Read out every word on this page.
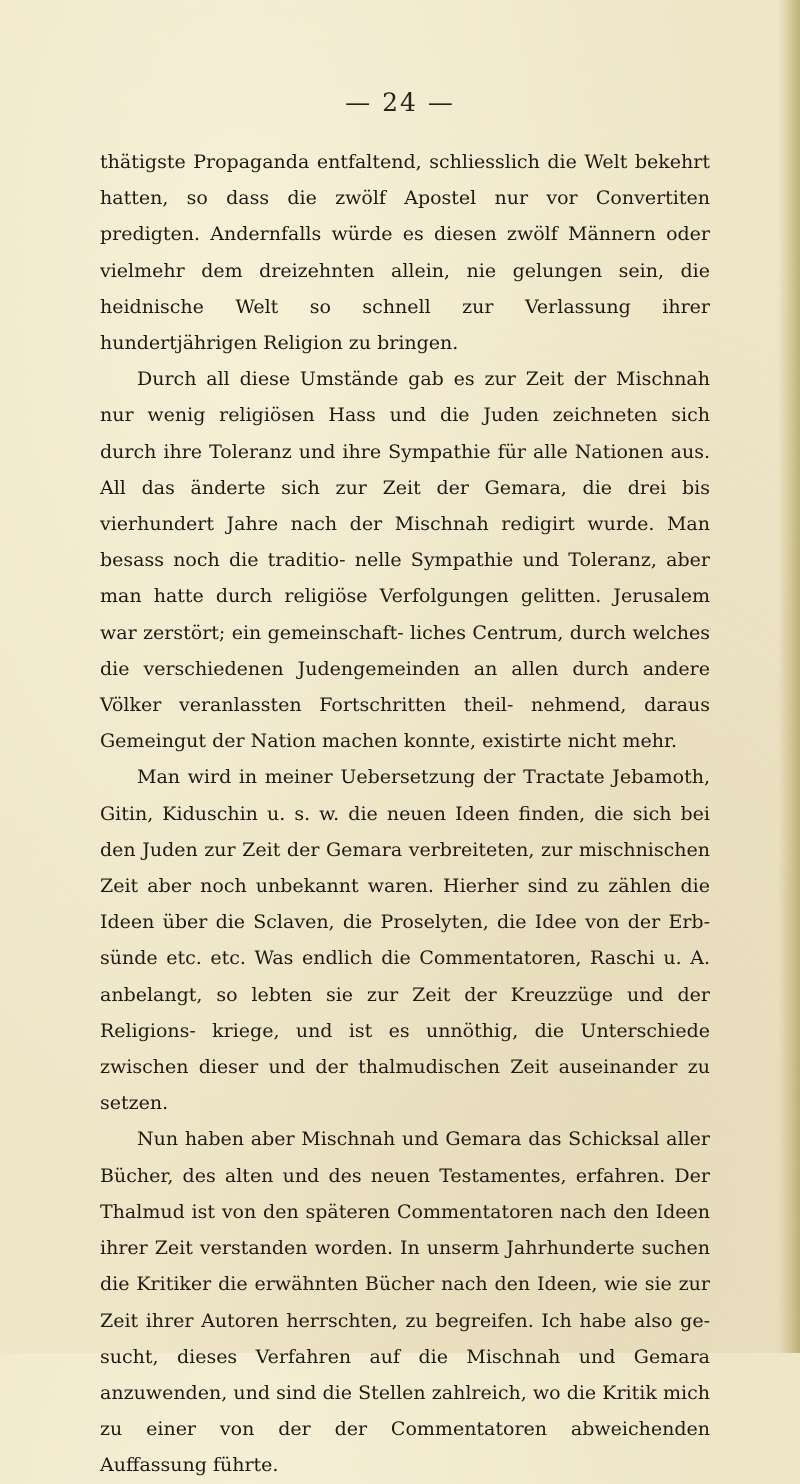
— 24 —

thätigste Propaganda entfaltend, schliesslich die Welt bekehrt hatten, so dass die zwölf Apostel nur vor Convertiten predigten. Andernfalls würde es diesen zwölf Männern oder vielmehr dem dreizehnten allein, nie gelungen sein, die heidnische Welt so schnell zur Verlassung ihrer hundertjährigen Religion zu bringen.

Durch all diese Umstände gab es zur Zeit der Mischnah nur wenig religiösen Hass und die Juden zeichneten sich durch ihre Toleranz und ihre Sympathie für alle Nationen aus. All das änderte sich zur Zeit der Gemara, die drei bis vierhundert Jahre nach der Mischnah redigirt wurde. Man besass noch die traditio- nelle Sympathie und Toleranz, aber man hatte durch religiöse Verfolgungen gelitten. Jerusalem war zerstört; ein gemeinschaft- liches Centrum, durch welches die verschiedenen Judengemeinden an allen durch andere Völker veranlassten Fortschritten theil- nehmend, daraus Gemeingut der Nation machen konnte, existirte nicht mehr.

Man wird in meiner Uebersetzung der Tractate Jebamoth, Gitin, Kiduschin u. s. w. die neuen Ideen finden, die sich bei den Juden zur Zeit der Gemara verbreiteten, zur mischnischen Zeit aber noch unbekannt waren. Hierher sind zu zählen die Ideen über die Sclaven, die Proselyten, die Idee von der Erb- sünde etc. etc. Was endlich die Commentatoren, Raschi u. A. anbelangt, so lebten sie zur Zeit der Kreuzzüge und der Religions- kriege, und ist es unnöthig, die Unterschiede zwischen dieser und der thalmudischen Zeit auseinander zu setzen.

Nun haben aber Mischnah und Gemara das Schicksal aller Bücher, des alten und des neuen Testamentes, erfahren. Der Thalmud ist von den späteren Commentatoren nach den Ideen ihrer Zeit verstanden worden. In unserm Jahrhunderte suchen die Kritiker die erwähnten Bücher nach den Ideen, wie sie zur Zeit ihrer Autoren herrschten, zu begreifen. Ich habe also ge- sucht, dieses Verfahren auf die Mischnah und Gemara anzuwenden, und sind die Stellen zahlreich, wo die Kritik mich zu einer von der der Commentatoren abweichenden Auffassung führte.
